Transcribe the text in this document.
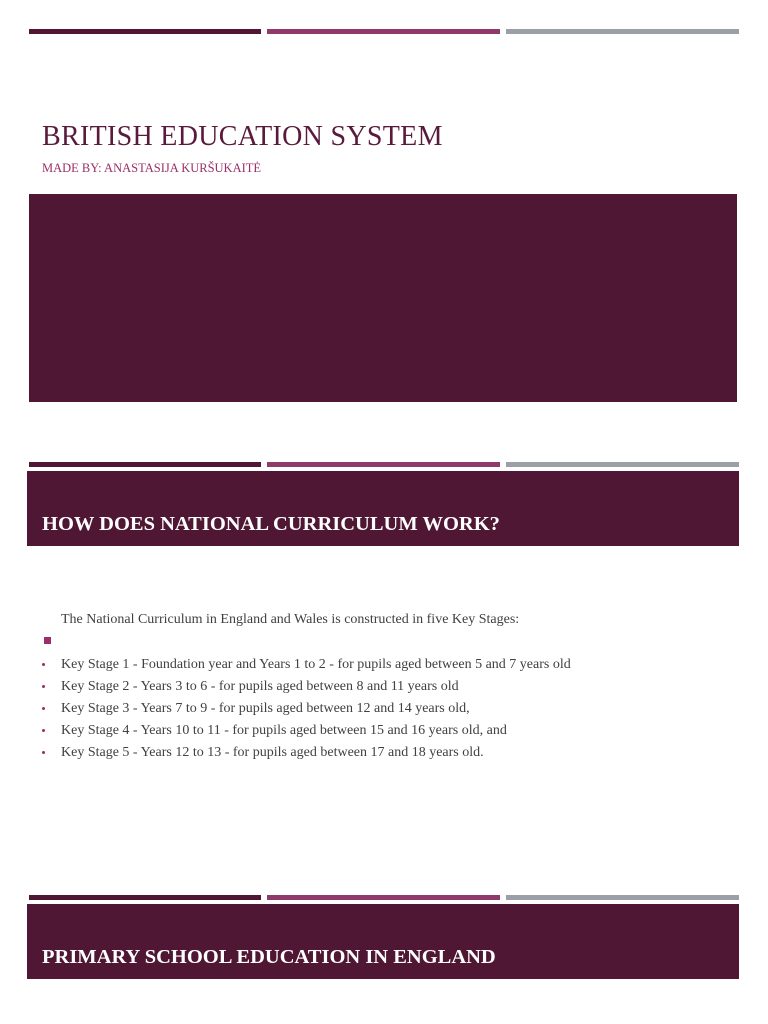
BRITISH EDUCATION SYSTEM
MADE BY: ANASTASIJA KURŠUKAITĖ
HOW DOES NATIONAL CURRICULUM WORK?
The National Curriculum in England and Wales is constructed in five Key Stages:
Key Stage 1 - Foundation year and Years 1 to 2 - for pupils aged between 5 and 7 years old
Key Stage 2 - Years 3 to 6 - for pupils aged between 8 and 11 years old
Key Stage 3 - Years 7 to 9 - for pupils aged between 12 and 14 years old,
Key Stage 4 - Years 10 to 11 - for pupils aged between 15 and 16 years old, and
Key Stage 5 - Years 12 to 13 - for pupils aged between 17 and 18 years old.
PRIMARY SCHOOL EDUCATION IN ENGLAND
